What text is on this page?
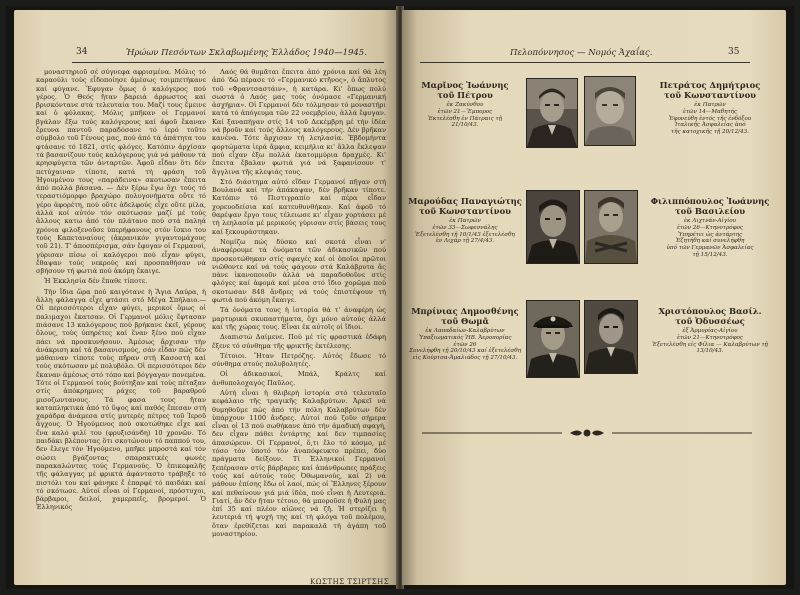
34	Ἡρώων Πεσόντων Σκλαβωμένης Ἑλλάδος 1940—1945.

μοναστηριοῦ σέ σύγνεφα αφρισμένα. Μόλις τό καραούλι τοὺς εἶδοποίησε ἀμέσως τσιμπετήκανε καί φύγανε. Ἔφυγαν ὅμως ὀ καλόγερος πού γέρος. Ὁ Θεός ἤταν βαρειά ἀρρωστος καί βρισκόντανε στά τελευταία του. Μαζί τους ἔμεινε καί ὁ φύλακας. Μόλις μπῆκαν οἱ Γερμανοί βγάλαν ἔξω τούς καλόγερους καί ἀφοῦ ἔκαναν ἔρευνα παντοῦ παραδόσανε τό ἱερό τοῦτο σύμβολο τοῦ Γένους μας, πού ἀπό τά ἀπάτητα του φτάσανε τό 1821, στίς φλόγες. Κατόπιν ἀρχίσαν τά βασανίζουν τούς καλόγερους γιά νά μάθουν τά κρησφύγετα τῶν ἀνταρτῶν. Ἀφοῦ εἶδαν ὅτι δέν πετύχαιναν τίποτε, κατά τή φράση τοῦ Ἡγουμένου τους «παράδεινα» σκοτωσαν ἔπειτα ἀπό πολλά βάσανα. — Δέν ξέρω ἔγω ὄχι τούς τό τεραστιόμορφο βραχώρο πολυγονήματα οὔτε τό γέρο ἀφορέτη, πού οὔτε ἀδελφούς εἶχε οὔτε μίλα, ἀλλά κοί αὐτόν τόν σκότωσαν μαζί μέ τούς ἄλλους κατω ἀπό τόν πλάτανο πού στά παληά χρόνια φιλοξενοῦσε ὑπερήφανους στόν ἴσκιο του τούς Καπεταναίους (ἀκρανικόν γιγαντομάχους τοῦ 21). Τ' ἀποσπέρισμα, σάν ἔφυγαν οἱ Γερμανοί, γύρισαν πίσω οἱ καλόγεροι πού εἶχαν φύγει, ἔθαψαν τούς νεκρούς καί προσπαθήσαν νά σβήσουν τή φωτιά πού ἀκόμη ἔκαιγε.

Ἡ Ἐκκλησία δέν ἔπαθε τίποτε.

Τήν ἴδια ὥρα πού καιγότανε ἡ Ἅγια Λαύρα, ἡ ἄλλη φάλαγγα εἶχε φτάσει στό Μέγα Σπήλαιο.—Οἱ περισσότεροι εἶχαν φύγει, μερικοί ὅμως οἱ παλιμαχοι ἔκατσαν. Οἱ Γερμανοί μόλις ἔφτασαν πιάσανε 13 καλόγερους πού βρήκανε ἐκεῖ, γέρους ὅλους, τοὺς ὑπηρέτες καί ἕναν ξένο πού εἶχαν πάει νά προσκυνήσουν. Ἀμέσως ἄρχισαν τήν ἀνάκριση καί τά βασανισμούς, σάν εἶδαν πώς δέν μάθαιναν τίποτε τοὺς πῆραν στή Κασοστή καί τοὺς σκότωσαν μέ πολυβόλο. Οἱ περισσότεροι δέν ἔκαναν ἀμέσως στό τόπο καί βόγγαγαν πονεμένα. Τότε οἱ Γερμανοί τούς βούτηξαν καί τοὺς πέταξαν στίς ἀπόκρημνες ράχες τοῦ βαραθρού μισοζωντανους. Τά φασα τους ἤταν καταπληκτικά ἀπό τό ὕψος καί παθός ἔπεσαν στή χαράδρα ἀνάμεσα στίς μυτερές πέτρες τοῦ Ἱεροῦ ἄγχους. Ὁ Ἡγούμενος πού σκοτώθηκε εἶχε καί ἕνα καλό φιλί του (φρυξισάνδη) 10 χρονῶν. Τό παιδάκι βλέποντας ὅτι σκοτώνουν τό παππού του, δεν ἔλεγε τόν Ἡγούμενο, μπῆκε μπροστά καί τόν σώσει βγάζοντας σπαρακτικές φωνές παρακαλώντας τούς Γερμανούς. Ὁ ἐπικεφαλῆς τῆς φάλαγγας μέ φρικτά ἀφάνταστο τράβηξε τό πιστόλι του καί φάνηκε ἔ ἐπαρφέ τό παιδάκι καί τό σκότωσε. Αὐτοί εἶναι οἱ Γερμανοί, πρόστυχοι, βάρβαροι, δειλοί, χαμερπεῖς, βρομεροί. Ὁ Ἑλληνικός

Λαός θά θυμᾶται ἔπειτα ἀπό χρόνια καί θά λέη ἀπό 'δῶ πέρασε τό «Γερμανικό κτῆνος», ὁ ἄπλυτος τοῦ «Φραντσαστάιν», ἡ κατάρα. Κι' ὅπως πολύ σωστά ὁ Λαός μας τούς ὀνόμασε «Γερμανική ἀσχήμια». Οἱ Γερμανοί δέν τόλμησαν τό μοναστήρι κατά τό ἀπόγευμα τῶν 22 νοεμβρίου, ἀλλά ἔφυγαν. Καί ξαναπήγαν στίς 14 τοῦ Δεκέμβρη μέ τήν ἰδέα νά βροῦν καί τούς ἄλλους καλόγερους. Δέν βρῆκαν κανένα. Τότε ἄρχισαν τή λεηλασία. Ἑβδομήντα φορτώματα ἱερά ἄμφια, κειμήλια κι' ἄλλα ἔκλεψαν πού εἶχαν ἐξω πολλά ἑκατομμύρια δραχμές. Κι' ἔπειτα ἔβαλαν φωτιά γιά νά ξαφανίσουν τ' ἄγγλινα τῆς κλεψιάς τους.

Στό διάστημα αὐτό εἴδαν Γερμανοί πῆγαν στή Βουλανά καί τήν ἀπάκαψαν, δέν βρῆκαν τίποτε. Κατόπιν τό Πιστιγραπίο καί πέρα εἶδαν χορευοδείσια καί κατευθυνθήκαν. Καί ἀφοῦ τό θαρέψαν ἔργο τους τέλειωσε κι' εἶχαν χορτάσει μέ τή λεηλασία μέ μερικούς γύρισαν στίς βάσεις τους καί ξεκουράστηκαν.

Νομίζω πώς δύσκο καί σκοτά εἶναι ν' ἀναφέρουμε τά ὀνόματα τῶν ἀδικασικῶν πού προσκοτώθηκαν στίς σφαγές καί οἱ ὁποῖοι πρῶτοι νιῶθοντε καί νά τούς φάγουν στά Καλάβρυτα ἄς πάνε ἰκανοποιοῦν ἀλλά νά παραδοθοῦνε στίς φλόγες καί ἀφομά καί μέσα στό ἴδιο χορῶμα πού σκοτωσαν 848 ἄνδρες νά τούς ἐπιστέψουν τή φωτιά πού ἀκόμη ἔκαιγε.

Τά ὀνόματα τους ἡ ἱστορία θά τ' ἀναφέρη ὡς μαρτυρικά σκυπαστήματα, ὄχι μόνο αὐτούς ἀλλά καί τῆς χώρας τους. Εἶναι ἐκ αὐτοῖς οἱ ἴδιοι.

Διαπιστώ Δαίμενε. Πού μέ τίς φραστικά ἐδάφη ἔξενε τό σύνθημα τῆς φρικτῆς ἐκτέλεσης.

Τέτοιοι. Ἤταν Πετρόζης. Αὐτός ἔδωσε τό σύνθημα στούς πολυβολητές.

Οἱ ἀδικασικοί, Μπάλ, Κράλτς καί ἀνθυπολοχαγός Παῦλος.

Αὐτή εἶναι ἡ θλιβερή ἱστορία στό τελευταῖο κεφάλαιο τῆς τραγικῆς Καλαβρύτων. Ἀρκεῖ νά θυμηθοῦμε πώς ἀπό τήν πόλη Καλαβρύτων δέν ὑπάρχουν 1100 ἄνδρες. Αὐτοί πού ζοῦν σήμερα εἶναι οἱ 13 πού σωθήκανε ἀπό τήν ἀμαδική σφαγή, δεν εἶχαν πάθει ἐντάρτης καί δεν τιμπασίες ἀπασώρευν. Οἱ Γερμανοί, ὅ,τι ἔλο τό κόσμο, μέ τόσο τόν ὑποτό τόν ἀναπόφευκτο πρέπει, δύο πράγματα δείξουν. Τί Ἑλληνικοί Γερμανοί ξεπέρασαν στίς βάρβαρες καί ἀπάνθρωπες πράξεις τούς καί αὐτούς τούς Ὀθωμανούς, καί 2) νά μάθουν ἐπίσης ἔδω οἱ λαοί, πώς οἱ Ἕλληνες ξέρουν καί πεθαίνουν γιά μιά ἰδέα, πού εἶναι ἡ Λευτεριά. Γιατί, ἄν δέν ἤταν τέτοιο, θά μποροῦσε ἡ Φυλή μας ἐπί 35 καί πλέον αἰῶνες νά ζῆ. Ἡ στερίζει ἡ λευτεριά τή ψυχή της καί τή φλόγα τοῦ πολέμου, ὅταν ἐρεθίζεται καί παρακαλᾶ τή ἀγάπη τοῦ μοναστηρίου.

ΚΩΣΤΗΣ ΤΣΙΡΤΣΗΣ
Πελοπόννησος — Νομός Ἀχαΐας.	35
Μαρῖνος Ἰωάννης
τοῦ Πέτρου
ἐκ Ζακύνθου
ἐτῶν 21—Ἔμπορος
Ἐκτελέσθη ἐν Πάτραις τῇ
21/10/43.
Πετράτος Δημήτριος
τοῦ Κωνσταντίνου
ἐκ Πατρῶν
ἐτῶν 14—Μαθητής
Ἐφονεύθη ἐντός τῆς ἐνδόξου
Ἰταλικῆς Ἀσφαλείας ἀπό
τῆς κατοχικῆς τῇ 20/12/43.
Μαρούδας Παναγιώτης
τοῦ Κωνσταντίνου
ἐκ Πατρῶν
ἐτῶν 33—Σωφεσνάλης
Ἐξετελέσθη τῇ 10/1/43 ἐξετελέσθη
ἐν Λιχάρ τῇ 27/4/43.
Φιλιππόπουλος Ἰωάννης
τοῦ Βασιλείου
ἐκ Λιχτνάν-Αἰγίου
ἐτῶν 26—Κτηνοτρόφος
Ὑπηρέτει ὡς ἀντάρτης
Ἐζητήθη καί συνελήφθη
ὑπό τῶν Γερμανῶν Ἀσφαλείας
τῇ 15/12/43.
Μπρίνιας Δημοσθένης
τοῦ Θωμᾶ
ἐκ Λαπαδαίων-Καλαβρύτων
Ὑπαξιωματικός ἩΒ. Ἀεροπορίας
ἐτῶν 26
Συνελήφθη τῇ 20/10/43 καί ἐξετελέσθη
εἰς Κούρτσα-Ἀμαλιάδος τῇ 27/10/43.
Χριστόπουλος Βασίλ.
τοῦ Ὀδυσσέως
ἐξ Ἀρμυρίας-Αἰγίου
ἐτῶν 21—Κτηνοτρόφος
Ἐξετελέσθη εἰς Φίλια — Καλαβρύτων τῇ 13/10/43.
